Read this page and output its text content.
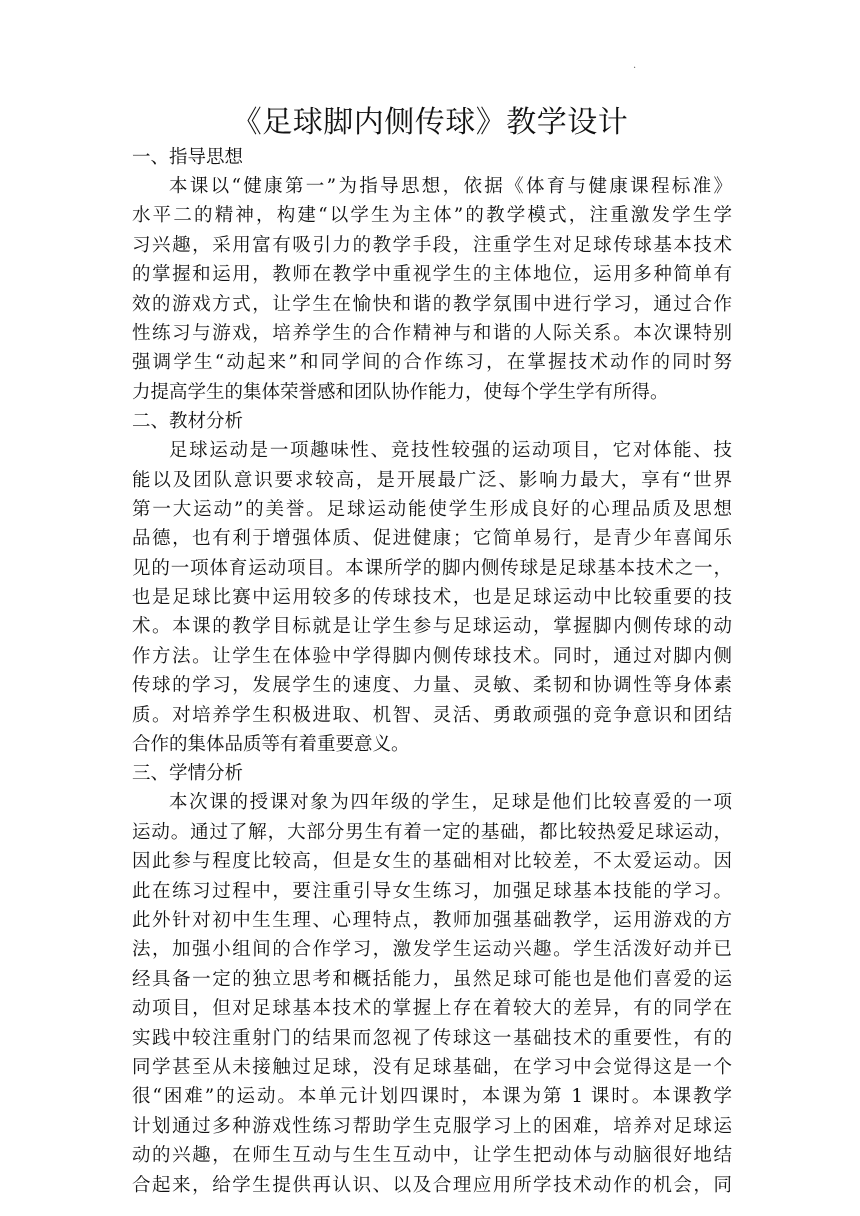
.
《足球脚内侧传球》教学设计
一、指导思想
本课以“健康第一”为指导思想，依据《体育与健康课程标准》
水平二的精神，构建“以学生为主体”的教学模式，注重激发学生学
习兴趣，采用富有吸引力的教学手段，注重学生对足球传球基本技术
的掌握和运用，教师在教学中重视学生的主体地位，运用多种简单有
效的游戏方式，让学生在愉快和谐的教学氛围中进行学习，通过合作
性练习与游戏，培养学生的合作精神与和谐的人际关系。本次课特别
强调学生“动起来”和同学间的合作练习，在掌握技术动作的同时努
力提高学生的集体荣誉感和团队协作能力，使每个学生学有所得。
二、教材分析
足球运动是一项趣味性、竞技性较强的运动项目，它对体能、技
能以及团队意识要求较高，是开展最广泛、影响力最大，享有“世界
第一大运动”的美誉。足球运动能使学生形成良好的心理品质及思想
品德，也有利于增强体质、促进健康；它简单易行，是青少年喜闻乐
见的一项体育运动项目。本课所学的脚内侧传球是足球基本技术之一，
也是足球比赛中运用较多的传球技术，也是足球运动中比较重要的技
术。本课的教学目标就是让学生参与足球运动，掌握脚内侧传球的动
作方法。让学生在体验中学得脚内侧传球技术。同时，通过对脚内侧
传球的学习，发展学生的速度、力量、灵敏、柔韧和协调性等身体素
质。对培养学生积极进取、机智、灵活、勇敢顽强的竞争意识和团结
合作的集体品质等有着重要意义。
三、学情分析
本次课的授课对象为四年级的学生，足球是他们比较喜爱的一项
运动。通过了解，大部分男生有着一定的基础，都比较热爱足球运动，
因此参与程度比较高，但是女生的基础相对比较差，不太爱运动。因
此在练习过程中，要注重引导女生练习，加强足球基本技能的学习。
此外针对初中生生理、心理特点，教师加强基础教学，运用游戏的方
法，加强小组间的合作学习，激发学生运动兴趣。学生活泼好动并已
经具备一定的独立思考和概括能力，虽然足球可能也是他们喜爱的运
动项目，但对足球基本技术的掌握上存在着较大的差异，有的同学在
实践中较注重射门的结果而忽视了传球这一基础技术的重要性，有的
同学甚至从未接触过足球，没有足球基础，在学习中会觉得这是一个
很“困难”的运动。本单元计划四课时，本课为第 1 课时。本课教学
计划通过多种游戏性练习帮助学生克服学习上的困难，培养对足球运
动的兴趣，在师生互动与生生互动中，让学生把动体与动脑很好地结
合起来，给学生提供再认识、以及合理应用所学技术动作的机会，同
